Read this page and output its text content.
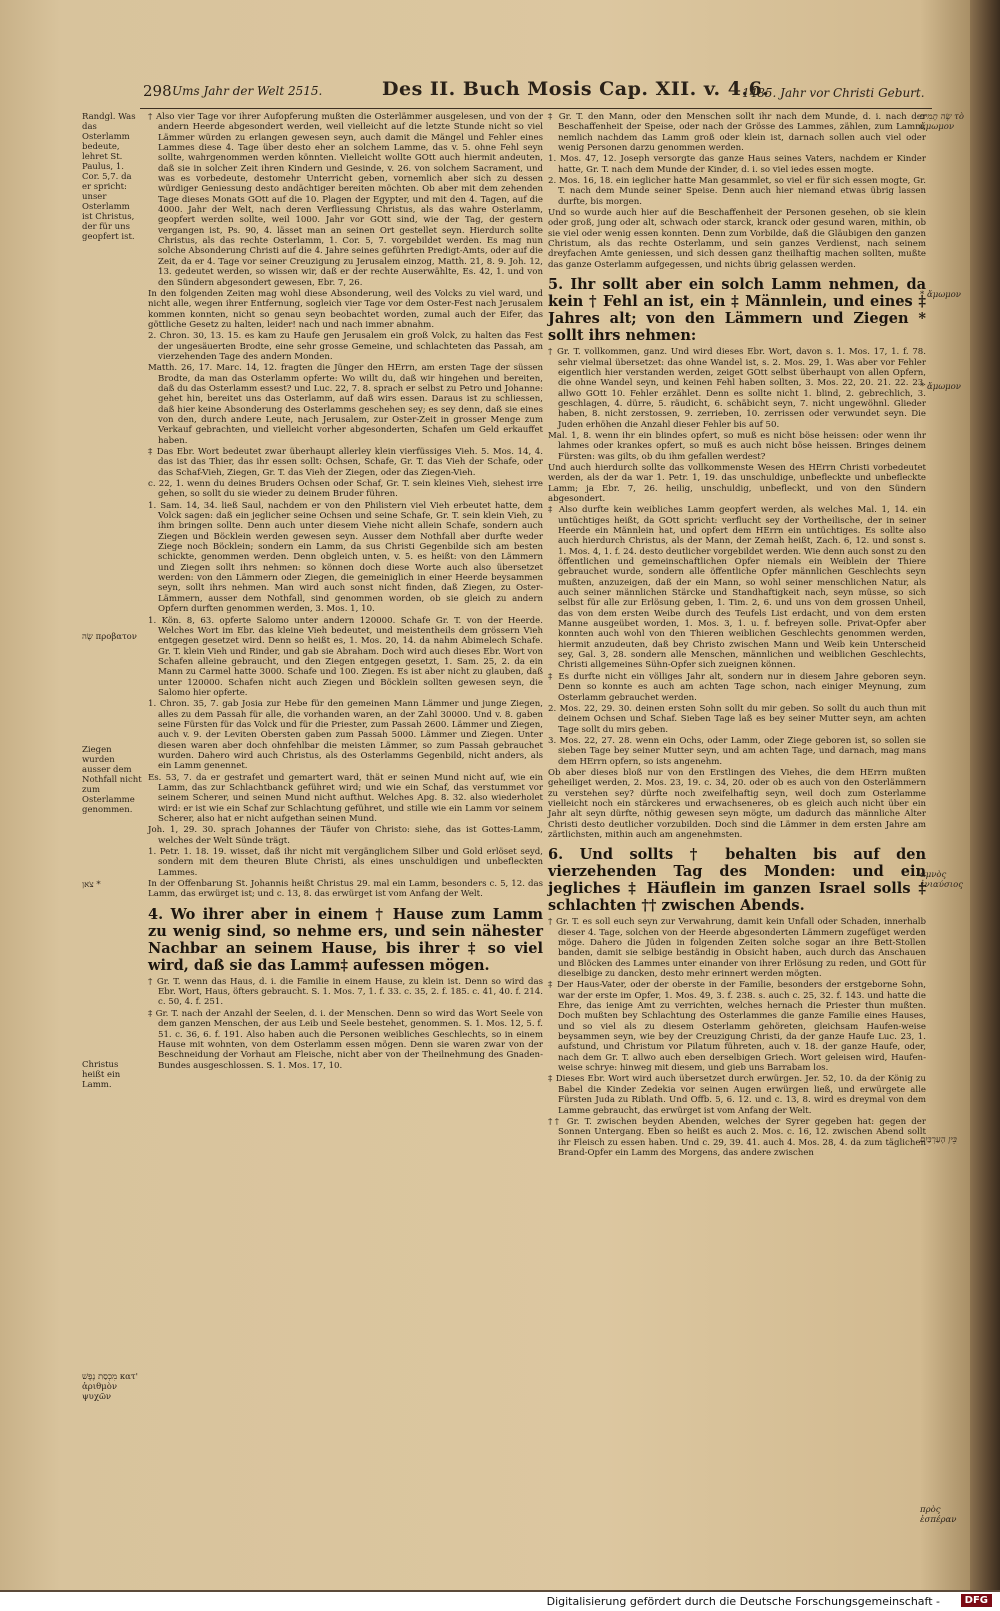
298 Ums Jahr der Welt 2515.	Des II. Buch Mosis Cap. XII. v. 4.6.
1485. Jahr vor Christi Geburt.
Randgl. Was das Osterlamm bedeute, lehret St. Paulus, 1. Cor. 5,7. da er spricht: unser Osterlamm ist Christus, der für uns geopfert ist.
שֶׂה προβατον
Ziegen wurden ausser dem Nothfall nicht zum Osterlamme genommen.
צֹאן *
Christus heißt ein Lamm.
מִכְסַת נֶפֶשׁ κατ' ἀριθμὸν ψυχῶν
שֶׂה תָמִים τὸ ἄμωμον
* ἄμωμον
* ἄμωμον
ἀμνὸς ἐνιαύσιος
בֵּין הָעַרְבַּיִם
πρὸς ἑσπέραν

† Also vier Tage vor ihrer Aufopferung mußten die Osterlämmer ausgelesen, und von der andern Heerde abgesondert werden, weil vielleicht auf die letzte Stunde nicht so viel Lämmer würden zu erlangen gewesen seyn, auch damit die Mängel und Fehler eines Lammes diese 4. Tage über desto eher an solchem Lamme, das v. 5. ohne Fehl seyn sollte, wahrgenommen werden könnten. Vielleicht wollte GOtt auch hiermit andeuten, daß sie in solcher Zeit ihren Kindern und Gesinde, v. 26. von solchem Sacrament, und was es vorbedeute, destomehr Unterricht geben, vornemlich aber sich zu dessen würdiger Geniessung desto andächtiger bereiten möchten. Ob aber mit dem zehenden Tage dieses Monats GOtt auf die 10. Plagen der Egypter, und mit den 4. Tagen, auf die 4000. Jahr der Welt, nach deren Verfliessung Christus, als das wahre Osterlamm, geopfert werden sollte, weil 1000. Jahr vor GOtt sind, wie der Tag, der gestern vergangen ist, Ps. 90, 4. lässet man an seinen Ort gestellet seyn. Hierdurch sollte Christus, als das rechte Osterlamm, 1. Cor. 5, 7. vorgebildet werden. Es mag nun solche Absonderung Christi auf die 4. Jahre seines geführten Predigt-Amts, oder auf die Zeit, da er 4. Tage vor seiner Creuzigung zu Jerusalem einzog, Matth. 21, 8. 9. Joh. 12, 13. gedeutet werden, so wissen wir, daß er der rechte Auserwählte, Es. 42, 1. und von den Sündern abgesondert gewesen, Ebr. 7, 26.

In den folgenden Zeiten mag wohl diese Absonderung, weil des Volcks zu viel ward, und nicht alle, wegen ihrer Entfernung, sogleich vier Tage vor dem Oster-Fest nach Jerusalem kommen konnten, nicht so genau seyn beobachtet worden, zumal auch der Eifer, das göttliche Gesetz zu halten, leider! nach und nach immer abnahm.

2. Chron. 30, 13. 15. es kam zu Haufe gen Jerusalem ein groß Volck, zu halten das Fest der ungesäuerten Brodte, eine sehr grosse Gemeine, und schlachteten das Passah, am vierzehenden Tage des andern Monden.

Matth. 26, 17. Marc. 14, 12. fragten die Jünger den HErrn, am ersten Tage der süssen Brodte, da man das Osterlamm opferte: Wo willt du, daß wir hingehen und bereiten, daß du das Osterlamm essest? und Luc. 22, 7. 8. sprach er selbst zu Petro und Johanne: gehet hin, bereitet uns das Osterlamm, auf daß wirs essen. Daraus ist zu schliessen, daß hier keine Absonderung des Osterlamms geschehen sey; es sey denn, daß sie eines von den, durch andere Leute, nach Jerusalem, zur Oster-Zeit in grosser Menge zum Verkauf gebrachten, und vielleicht vorher abgesonderten, Schafen um Geld erkauffet haben.

‡ Das Ebr. Wort bedeutet zwar überhaupt allerley klein vierfüssiges Vieh. 5. Mos. 14, 4. das ist das Thier, das ihr essen sollt: Ochsen, Schafe, Gr. T. das Vieh der Schafe, oder das Schaf-Vieh, Ziegen, Gr. T. das Vieh der Ziegen, oder das Ziegen-Vieh.

c. 22, 1. wenn du deines Bruders Ochsen oder Schaf, Gr. T. sein kleines Vieh, siehest irre gehen, so sollt du sie wieder zu deinem Bruder führen.

1. Sam. 14, 34. ließ Saul, nachdem er von den Philistern viel Vieh erbeutet hatte, dem Volck sagen: daß ein jeglicher seine Ochsen und seine Schafe, Gr. T. sein klein Vieh, zu ihm bringen sollte. Denn auch unter diesem Viehe nicht allein Schafe, sondern auch Ziegen und Böcklein werden gewesen seyn. Ausser dem Nothfall aber durfte weder Ziege noch Böcklein; sondern ein Lamm, da sus Christi Gegenbilde sich am besten schickte, genommen werden. Denn obgleich unten, v. 5. es heißt: von den Lämmern und Ziegen sollt ihrs nehmen: so können doch diese Worte auch also übersetzet werden: von den Lämmern oder Ziegen, die gemeiniglich in einer Heerde beysammen seyn, sollt ihrs nehmen. Man wird auch sonst nicht finden, daß Ziegen, zu Oster-Lämmern, ausser dem Nothfall, sind genommen worden, ob sie gleich zu andern Opfern durften genommen werden, 3. Mos. 1, 10.

1. Kön. 8, 63. opferte Salomo unter andern 120000. Schafe Gr. T. von der Heerde. Welches Wort im Ebr. das kleine Vieh bedeutet, und meistentheils dem grössern Vieh entgegen gesetzet wird. Denn so heißt es, 1. Mos. 20, 14. da nahm Abimelech Schafe. Gr. T. klein Vieh und Rinder, und gab sie Abraham. Doch wird auch dieses Ebr. Wort von Schafen alleine gebraucht, und den Ziegen entgegen gesetzt, 1. Sam. 25, 2. da ein Mann zu Carmel hatte 3000. Schafe und 100. Ziegen. Es ist aber nicht zu glauben, daß unter 120000. Schafen nicht auch Ziegen und Böcklein sollten gewesen seyn, die Salomo hier opferte.

1. Chron. 35, 7. gab Josia zur Hebe für den gemeinen Mann Lämmer und junge Ziegen, alles zu dem Passah für alle, die vorhanden waren, an der Zahl 30000. Und v. 8. gaben seine Fürsten für das Volck und für die Priester, zum Passah 2600. Lämmer und Ziegen, auch v. 9. der Leviten Obersten gaben zum Passah 5000. Lämmer und Ziegen. Unter diesen waren aber doch ohnfehlbar die meisten Lämmer, so zum Passah gebrauchet wurden. Dahero wird auch Christus, als des Osterlamms Gegenbild, nicht anders, als ein Lamm genennet.

Es. 53, 7. da er gestrafet und gemartert ward, thät er seinen Mund nicht auf, wie ein Lamm, das zur Schlachtbanck geführet wird; und wie ein Schaf, das verstummet vor seinem Scherer, und seinen Mund nicht aufthut. Welches Apg. 8. 32. also wiederholet wird: er ist wie ein Schaf zur Schlachtung geführet, und stille wie ein Lamm vor seinem Scherer, also hat er nicht aufgethan seinen Mund.

Joh. 1, 29. 30. sprach Johannes der Täufer von Christo: siehe, das ist Gottes-Lamm, welches der Welt Sünde trägt.

1. Petr. 1. 18. 19. wisset, daß ihr nicht mit vergänglichem Silber und Gold erlöset seyd, sondern mit dem theuren Blute Christi, als eines unschuldigen und unbefleckten Lammes.

In der Offenbarung St. Johannis heißt Christus 29. mal ein Lamm, besonders c. 5, 12. das Lamm, das erwürget ist; und c. 13, 8. das erwürget ist vom Anfang der Welt.

4. Wo ihrer aber in einem † Hause zum Lamm zu wenig sind, so nehme ers, und sein nähester Nachbar an seinem Hause, bis ihrer ‡ so viel wird, daß sie das Lamm‡ aufessen mögen.

† Gr. T. wenn das Haus, d. i. die Familie in einem Hause, zu klein ist. Denn so wird das Ebr. Wort, Haus, öfters gebraucht. S. 1. Mos. 7, 1. f. 33. c. 35, 2. f. 185. c. 41, 40. f. 214. c. 50, 4. f. 251.

‡ Gr. T. nach der Anzahl der Seelen, d. i. der Menschen. Denn so wird das Wort Seele von dem ganzen Menschen, der aus Leib und Seele bestehet, genommen. S. 1. Mos. 12, 5. f. 51. c. 36, 6. f. 191. Also haben auch die Personen weibliches Geschlechts, so in einem Hause mit wohnten, von dem Osterlamm essen mögen. Denn sie waren zwar von der Beschneidung der Vorhaut am Fleische, nicht aber von der Theilnehmung des Gnaden-Bundes ausgeschlossen. S. 1. Mos. 17, 10.

‡ Gr. T. den Mann, oder den Menschen sollt ihr nach dem Munde, d. i. nach der Beschaffenheit der Speise, oder nach der Grösse des Lammes, zählen, zum Lamm, nemlich nachdem das Lamm groß oder klein ist, darnach sollen auch viel oder wenig Personen darzu genommen werden.

1. Mos. 47, 12. Joseph versorgte das ganze Haus seines Vaters, nachdem er Kinder hatte, Gr. T. nach dem Munde der Kinder, d. i. so viel iedes essen mogte.

2. Mos. 16, 18. ein ieglicher hatte Man gesammlet, so viel er für sich essen mogte, Gr. T. nach dem Munde seiner Speise. Denn auch hier niemand etwas übrig lassen durfte, bis morgen.

Und so wurde auch hier auf die Beschaffenheit der Personen gesehen, ob sie klein oder groß, jung oder alt, schwach oder starck, kranck oder gesund waren, mithin, ob sie viel oder wenig essen konnten. Denn zum Vorbilde, daß die Gläubigen den ganzen Christum, als das rechte Osterlamm, und sein ganzes Verdienst, nach seinem dreyfachen Amte geniessen, und sich dessen ganz theilhaftig machen sollten, mußte das ganze Osterlamm aufgegessen, und nichts übrig gelassen werden.

5. Ihr sollt aber ein solch Lamm nehmen, da kein † Fehl an ist, ein ‡ Männlein, und eines ‡ Jahres alt; von den Lämmern und Ziegen * sollt ihrs nehmen:

† Gr. T. vollkommen, ganz. Und wird dieses Ebr. Wort, davon s. 1. Mos. 17, 1. f. 78. sehr vielmal übersetzet: das ohne Wandel ist, s. 2. Mos. 29, 1. Was aber vor Fehler eigentlich hier verstanden werden, zeiget GOtt selbst überhaupt von allen Opfern, die ohne Wandel seyn, und keinen Fehl haben sollten, 3. Mos. 22, 20. 21. 22. 23. allwo GOtt 10. Fehler erzählet. Denn es sollte nicht 1. blind, 2. gebrechlich, 3. geschlagen, 4. dürre, 5. räudicht, 6. schäbicht seyn, 7. nicht ungewöhnl. Glieder haben, 8. nicht zerstossen, 9. zerrieben, 10. zerrissen oder verwundet seyn. Die Juden erhöhen die Anzahl dieser Fehler bis auf 50.

Mal. 1, 8. wenn ihr ein blindes opfert, so muß es nicht böse heissen: oder wenn ihr lahmes oder krankes opfert, so muß es auch nicht böse heissen. Bringes deinem Fürsten: was gilts, ob du ihm gefallen werdest?

Und auch hierdurch sollte das vollkommenste Wesen des HErrn Christi vorbedeutet werden, als der da war 1. Petr. 1, 19. das unschuldige, unbefleckte und unbefleckte Lamm; ja Ebr. 7, 26. heilig, unschuldig, unbefleckt, und von den Sündern abgesondert.

‡ Also durfte kein weibliches Lamm geopfert werden, als welches Mal. 1, 14. ein untüchtiges heißt, da GOtt spricht: verflucht sey der Vortheilische, der in seiner Heerde ein Männlein hat, und opfert dem HErrn ein untüchtiges. Es sollte also auch hierdurch Christus, als der Mann, der Zemah heißt, Zach. 6, 12. und sonst s. 1. Mos. 4, 1. f. 24. desto deutlicher vorgebildet werden. Wie denn auch sonst zu den öffentlichen und gemeinschaftlichen Opfer niemals ein Weiblein der Thiere gebrauchet wurde, sondern alle öffentliche Opfer männlichen Geschlechts seyn mußten, anzuzeigen, daß der ein Mann, so wohl seiner menschlichen Natur, als auch seiner männlichen Stärcke und Standhaftigkeit nach, seyn müsse, so sich selbst für alle zur Erlösung geben, 1. Tim. 2, 6. und uns von dem grossen Unheil, das von dem ersten Weibe durch des Teufels List erdacht, und von dem ersten Manne ausgeübet worden, 1. Mos. 3, 1. u. f. befreyen solle. Privat-Opfer aber konnten auch wohl von den Thieren weiblichen Geschlechts genommen werden, hiermit anzudeuten, daß bey Christo zwischen Mann und Weib kein Unterscheid sey, Gal. 3, 28. sondern alle Menschen, männlichen und weiblichen Geschlechts, Christi allgemeines Sühn-Opfer sich zueignen können.

‡ Es durfte nicht ein völliges Jahr alt, sondern nur in diesem Jahre geboren seyn. Denn so konnte es auch am achten Tage schon, nach einiger Meynung, zum Osterlamm gebrauchet werden.

2. Mos. 22, 29. 30. deinen ersten Sohn sollt du mir geben. So sollt du auch thun mit deinem Ochsen und Schaf. Sieben Tage laß es bey seiner Mutter seyn, am achten Tage sollt du mirs geben.

3. Mos. 22, 27. 28. wenn ein Ochs, oder Lamm, oder Ziege geboren ist, so sollen sie sieben Tage bey seiner Mutter seyn, und am achten Tage, und darnach, mag mans dem HErrn opfern, so ists angenehm.

Ob aber dieses bloß nur von den Erstlingen des Viehes, die dem HErrn mußten geheiliget werden, 2. Mos. 23, 19. c. 34, 20. oder ob es auch von den Osterlämmern zu verstehen sey? dürfte noch zweifelhaftig seyn, weil doch zum Osterlamme vielleicht noch ein stärckeres und erwachseneres, ob es gleich auch nicht über ein Jahr alt seyn dürfte, nöthig gewesen seyn mögte, um dadurch das männliche Alter Christi desto deutlicher vorzubilden. Doch sind die Lämmer in dem ersten Jahre am zärtlichsten, mithin auch am angenehmsten.

6. Und sollts † behalten bis auf den vierzehenden Tag des Monden: und ein jegliches ‡ Häuflein im ganzen Israel solls ‡ schlachten †† zwischen Abends.

† Gr. T. es soll euch seyn zur Verwahrung, damit kein Unfall oder Schaden, innerhalb dieser 4. Tage, solchen von der Heerde abgesonderten Lämmern zugefüget werden möge. Dahero die Jüden in folgenden Zeiten solche sogar an ihre Bett-Stollen banden, damit sie selbige beständig in Obsicht haben, auch durch das Anschauen und Blöcken des Lammes unter einander von ihrer Erlösung zu reden, und GOtt für dieselbige zu dancken, desto mehr erinnert werden mögten.

‡ Der Haus-Vater, oder der oberste in der Familie, besonders der erstgeborne Sohn, war der erste im Opfer, 1. Mos. 49, 3. f. 238. s. auch c. 25, 32. f. 143. und hatte die Ehre, das ienige Amt zu verrichten, welches hernach die Priester thun mußten. Doch mußten bey Schlachtung des Osterlammes die ganze Familie eines Hauses, und so viel als zu diesem Osterlamm gehöreten, gleichsam Haufen-weise beysammen seyn, wie bey der Creuzigung Christi, da der ganze Haufe Luc. 23, 1. aufstund, und Christum vor Pilatum führeten, auch v. 18. der ganze Haufe, oder, nach dem Gr. T. allwo auch eben derselbigen Griech. Wort geleisen wird, Haufen-weise schrye: hinweg mit diesem, und gieb uns Barrabam los.

‡ Dieses Ebr. Wort wird auch übersetzet durch erwürgen. Jer. 52, 10. da der König zu Babel die Kinder Zedekia vor seinen Augen erwürgen ließ, und erwürgete alle Fürsten Juda zu Riblath. Und Offb. 5, 6. 12. und c. 13, 8. wird es dreymal von dem Lamme gebraucht, das erwürget ist vom Anfang der Welt.

†† Gr. T. zwischen beyden Abenden, welches der Syrer gegeben hat: gegen der Sonnen Untergang. Eben so heißt es auch 2. Mos. c. 16, 12. zwischen Abend sollt ihr Fleisch zu essen haben. Und c. 29, 39. 41. auch 4. Mos. 28, 4. da zum täglichen Brand-Opfer ein Lamm des Morgens, das andere zwischen

Digitalisierung gefördert durch die Deutsche Forschungsgemeinschaft -	DFG
